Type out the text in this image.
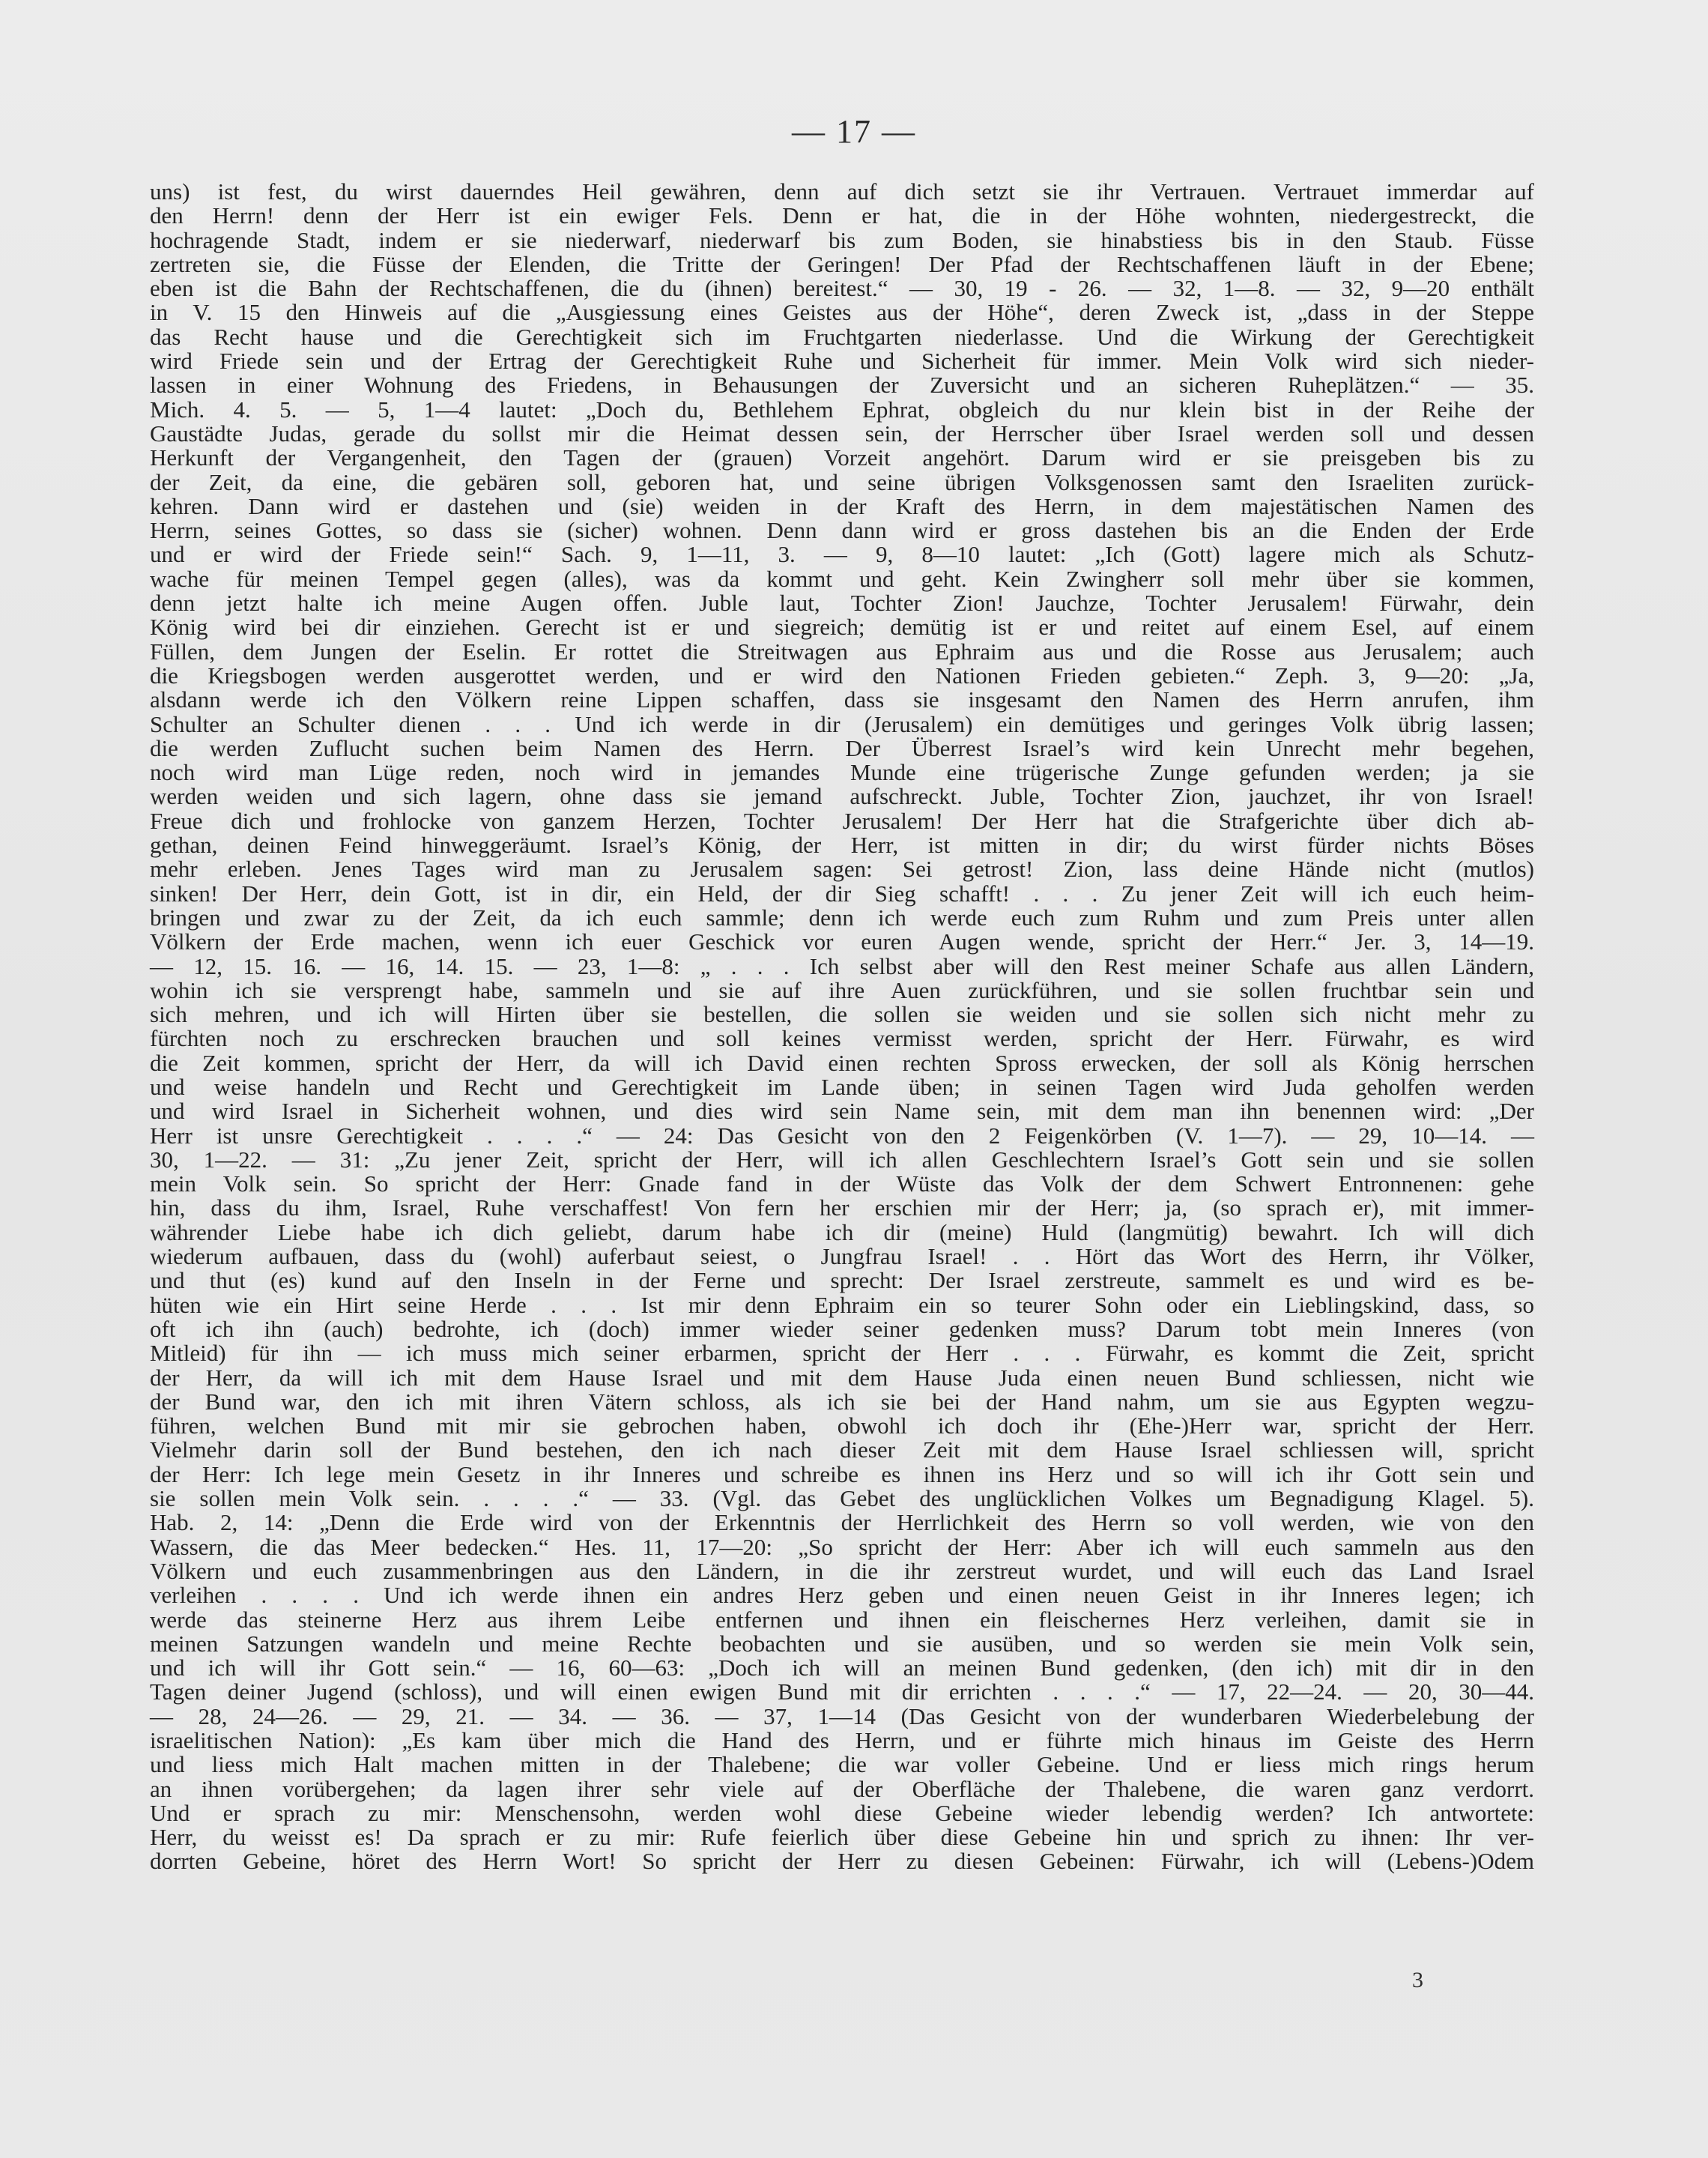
— 17 —
uns) ist fest, du wirst dauerndes Heil gewähren, denn auf dich setzt sie ihr Vertrauen. Vertrauet immerdar auf
den Herrn! denn der Herr ist ein ewiger Fels. Denn er hat, die in der Höhe wohnten, niedergestreckt, die
hochragende Stadt, indem er sie niederwarf, niederwarf bis zum Boden, sie hinabstiess bis in den Staub. Füsse
zertreten sie, die Füsse der Elenden, die Tritte der Geringen! Der Pfad der Rechtschaffenen läuft in der Ebene;
eben ist die Bahn der Rechtschaffenen, die du (ihnen) bereitest.“ — 30, 19 - 26. — 32, 1—8. — 32, 9—20 enthält
in V. 15 den Hinweis auf die „Ausgiessung eines Geistes aus der Höhe“, deren Zweck ist, „dass in der Steppe
das Recht hause und die Gerechtigkeit sich im Fruchtgarten niederlasse. Und die Wirkung der Gerechtigkeit
wird Friede sein und der Ertrag der Gerechtigkeit Ruhe und Sicherheit für immer. Mein Volk wird sich nieder-
lassen in einer Wohnung des Friedens, in Behausungen der Zuversicht und an sicheren Ruheplätzen.“ — 35.
Mich. 4. 5. — 5, 1—4 lautet: „Doch du, Bethlehem Ephrat, obgleich du nur klein bist in der Reihe der
Gaustädte Judas, gerade du sollst mir die Heimat dessen sein, der Herrscher über Israel werden soll und dessen
Herkunft der Vergangenheit, den Tagen der (grauen) Vorzeit angehört. Darum wird er sie preisgeben bis zu
der Zeit, da eine, die gebären soll, geboren hat, und seine übrigen Volksgenossen samt den Israeliten zurück-
kehren. Dann wird er dastehen und (sie) weiden in der Kraft des Herrn, in dem majestätischen Namen des
Herrn, seines Gottes, so dass sie (sicher) wohnen. Denn dann wird er gross dastehen bis an die Enden der Erde
und er wird der Friede sein!“ Sach. 9, 1—11, 3. — 9, 8—10 lautet: „Ich (Gott) lagere mich als Schutz-
wache für meinen Tempel gegen (alles), was da kommt und geht. Kein Zwingherr soll mehr über sie kommen,
denn jetzt halte ich meine Augen offen. Juble laut, Tochter Zion! Jauchze, Tochter Jerusalem! Fürwahr, dein
König wird bei dir einziehen. Gerecht ist er und siegreich; demütig ist er und reitet auf einem Esel, auf einem
Füllen, dem Jungen der Eselin. Er rottet die Streitwagen aus Ephraim aus und die Rosse aus Jerusalem; auch
die Kriegsbogen werden ausgerottet werden, und er wird den Nationen Frieden gebieten.“ Zeph. 3, 9—20: „Ja,
alsdann werde ich den Völkern reine Lippen schaffen, dass sie insgesamt den Namen des Herrn anrufen, ihm
Schulter an Schulter dienen . . . Und ich werde in dir (Jerusalem) ein demütiges und geringes Volk übrig lassen;
die werden Zuflucht suchen beim Namen des Herrn. Der Überrest Israel’s wird kein Unrecht mehr begehen,
noch wird man Lüge reden, noch wird in jemandes Munde eine trügerische Zunge gefunden werden; ja sie
werden weiden und sich lagern, ohne dass sie jemand aufschreckt. Juble, Tochter Zion, jauchzet, ihr von Israel!
Freue dich und frohlocke von ganzem Herzen, Tochter Jerusalem! Der Herr hat die Strafgerichte über dich ab-
gethan, deinen Feind hinweggeräumt. Israel’s König, der Herr, ist mitten in dir; du wirst fürder nichts Böses
mehr erleben. Jenes Tages wird man zu Jerusalem sagen: Sei getrost! Zion, lass deine Hände nicht (mutlos)
sinken! Der Herr, dein Gott, ist in dir, ein Held, der dir Sieg schafft! . . . Zu jener Zeit will ich euch heim-
bringen und zwar zu der Zeit, da ich euch sammle; denn ich werde euch zum Ruhm und zum Preis unter allen
Völkern der Erde machen, wenn ich euer Geschick vor euren Augen wende, spricht der Herr.“ Jer. 3, 14—19.
— 12, 15. 16. — 16, 14. 15. — 23, 1—8: „ . . . Ich selbst aber will den Rest meiner Schafe aus allen Ländern,
wohin ich sie versprengt habe, sammeln und sie auf ihre Auen zurückführen, und sie sollen fruchtbar sein und
sich mehren, und ich will Hirten über sie bestellen, die sollen sie weiden und sie sollen sich nicht mehr zu
fürchten noch zu erschrecken brauchen und soll keines vermisst werden, spricht der Herr. Fürwahr, es wird
die Zeit kommen, spricht der Herr, da will ich David einen rechten Spross erwecken, der soll als König herrschen
und weise handeln und Recht und Gerechtigkeit im Lande üben; in seinen Tagen wird Juda geholfen werden
und wird Israel in Sicherheit wohnen, und dies wird sein Name sein, mit dem man ihn benennen wird: „Der
Herr ist unsre Gerechtigkeit . . . .“ — 24: Das Gesicht von den 2 Feigenkörben (V. 1—7). — 29, 10—14. —
30, 1—22. — 31: „Zu jener Zeit, spricht der Herr, will ich allen Geschlechtern Israel’s Gott sein und sie sollen
mein Volk sein. So spricht der Herr: Gnade fand in der Wüste das Volk der dem Schwert Entronnenen: gehe
hin, dass du ihm, Israel, Ruhe verschaffest! Von fern her erschien mir der Herr; ja, (so sprach er), mit immer-
währender Liebe habe ich dich geliebt, darum habe ich dir (meine) Huld (langmütig) bewahrt. Ich will dich
wiederum aufbauen, dass du (wohl) auferbaut seiest, o Jungfrau Israel! . . Hört das Wort des Herrn, ihr Völker,
und thut (es) kund auf den Inseln in der Ferne und sprecht: Der Israel zerstreute, sammelt es und wird es be-
hüten wie ein Hirt seine Herde . . . Ist mir denn Ephraim ein so teurer Sohn oder ein Lieblingskind, dass, so
oft ich ihn (auch) bedrohte, ich (doch) immer wieder seiner gedenken muss? Darum tobt mein Inneres (von
Mitleid) für ihn — ich muss mich seiner erbarmen, spricht der Herr . . . Fürwahr, es kommt die Zeit, spricht
der Herr, da will ich mit dem Hause Israel und mit dem Hause Juda einen neuen Bund schliessen, nicht wie
der Bund war, den ich mit ihren Vätern schloss, als ich sie bei der Hand nahm, um sie aus Egypten wegzu-
führen, welchen Bund mit mir sie gebrochen haben, obwohl ich doch ihr (Ehe-)Herr war, spricht der Herr.
Vielmehr darin soll der Bund bestehen, den ich nach dieser Zeit mit dem Hause Israel schliessen will, spricht
der Herr: Ich lege mein Gesetz in ihr Inneres und schreibe es ihnen ins Herz und so will ich ihr Gott sein und
sie sollen mein Volk sein. . . . .“ — 33. (Vgl. das Gebet des unglücklichen Volkes um Begnadigung Klagel. 5).
Hab. 2, 14: „Denn die Erde wird von der Erkenntnis der Herrlichkeit des Herrn so voll werden, wie von den
Wassern, die das Meer bedecken.“ Hes. 11, 17—20: „So spricht der Herr: Aber ich will euch sammeln aus den
Völkern und euch zusammenbringen aus den Ländern, in die ihr zerstreut wurdet, und will euch das Land Israel
verleihen . . . . Und ich werde ihnen ein andres Herz geben und einen neuen Geist in ihr Inneres legen; ich
werde das steinerne Herz aus ihrem Leibe entfernen und ihnen ein fleischernes Herz verleihen, damit sie in
meinen Satzungen wandeln und meine Rechte beobachten und sie ausüben, und so werden sie mein Volk sein,
und ich will ihr Gott sein.“ — 16, 60—63: „Doch ich will an meinen Bund gedenken, (den ich) mit dir in den
Tagen deiner Jugend (schloss), und will einen ewigen Bund mit dir errichten . . . .“ — 17, 22—24. — 20, 30—44.
— 28, 24—26. — 29, 21. — 34. — 36. — 37, 1—14 (Das Gesicht von der wunderbaren Wiederbelebung der
israelitischen Nation): „Es kam über mich die Hand des Herrn, und er führte mich hinaus im Geiste des Herrn
und liess mich Halt machen mitten in der Thalebene; die war voller Gebeine. Und er liess mich rings herum
an ihnen vorübergehen; da lagen ihrer sehr viele auf der Oberfläche der Thalebene, die waren ganz verdorrt.
Und er sprach zu mir: Menschensohn, werden wohl diese Gebeine wieder lebendig werden? Ich antwortete:
Herr, du weisst es! Da sprach er zu mir: Rufe feierlich über diese Gebeine hin und sprich zu ihnen: Ihr ver-
dorrten Gebeine, höret des Herrn Wort! So spricht der Herr zu diesen Gebeinen: Fürwahr, ich will (Lebens-)Odem
3
